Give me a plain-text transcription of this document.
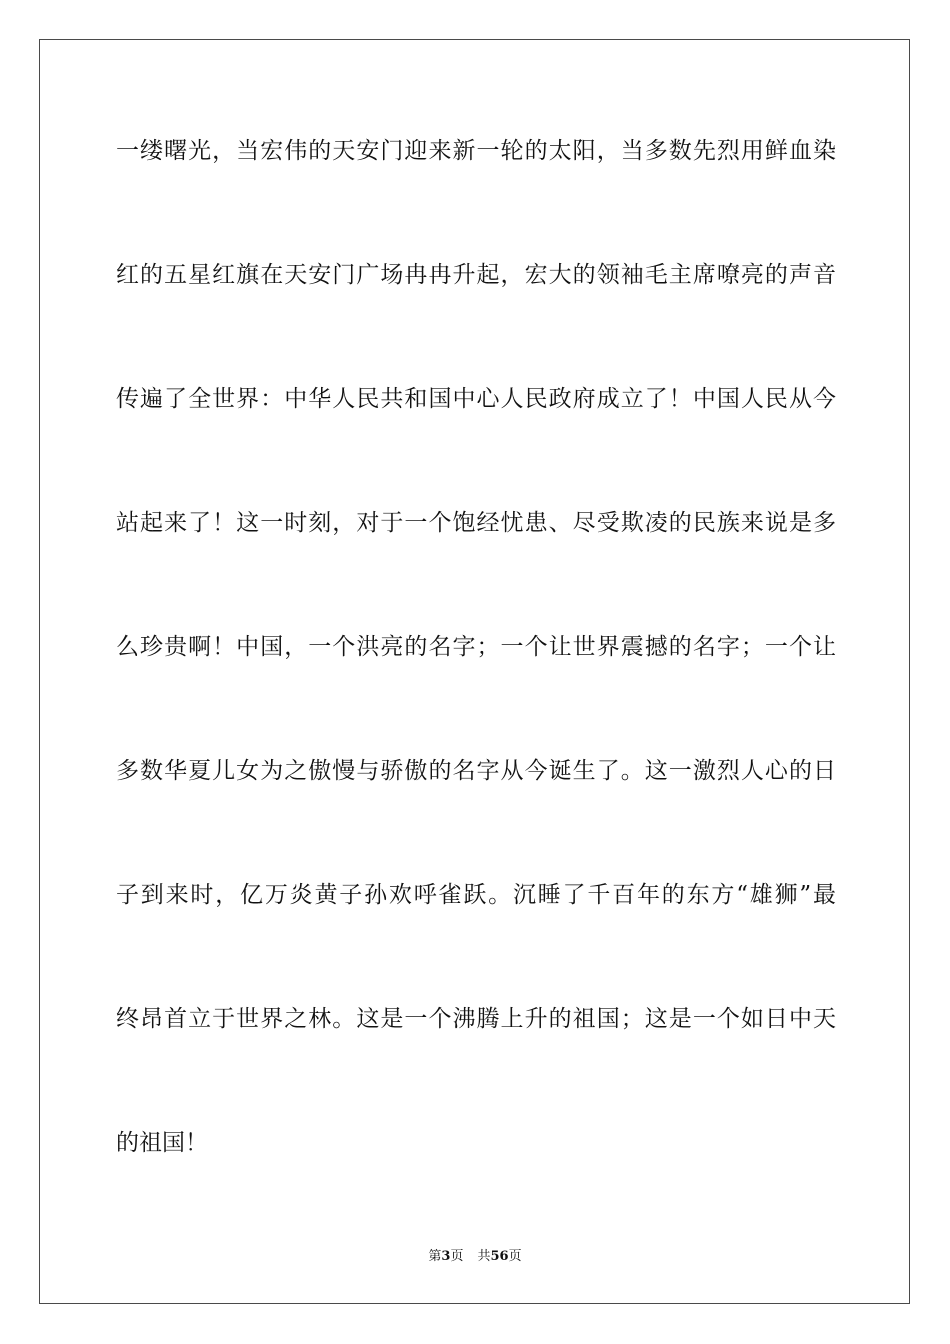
一缕曙光，当宏伟的天安门迎来新一轮的太阳，当多数先烈用鲜血染
红的五星红旗在天安门广场冉冉升起，宏大的领袖毛主席嘹亮的声音
传遍了全世界：中华人民共和国中心人民政府成立了！中国人民从今
站起来了！这一时刻，对于一个饱经忧患、尽受欺凌的民族来说是多
么珍贵啊！中国，一个洪亮的名字；一个让世界震撼的名字；一个让
多数华夏儿女为之傲慢与骄傲的名字从今诞生了。这一激烈人心的日
子到来时，亿万炎黄子孙欢呼雀跃。沉睡了千百年的东方“雄狮”最
终昂首立于世界之林。这是一个沸腾上升的祖国；这是一个如日中天
的祖国！
第3页 共56页
